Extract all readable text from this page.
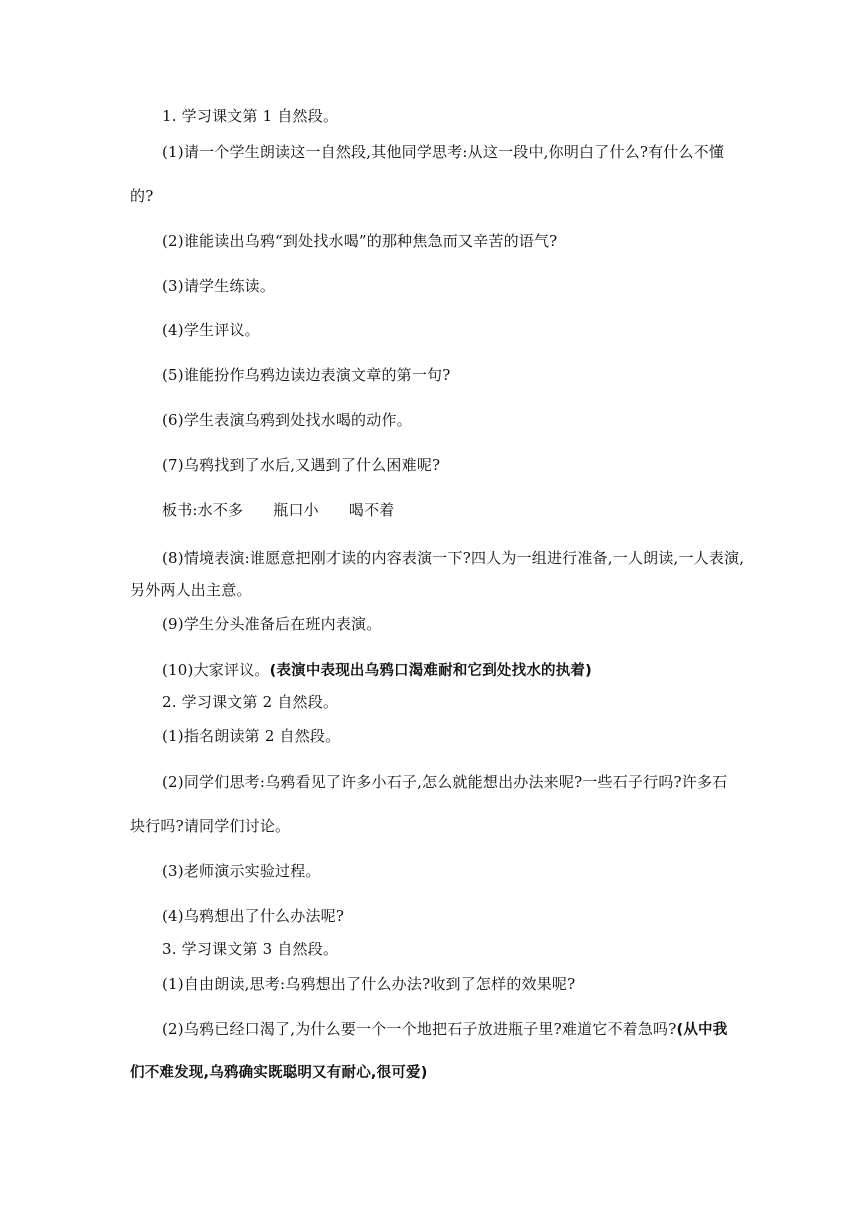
1. 学习课文第 1 自然段。
(1)请一个学生朗读这一自然段,其他同学思考:从这一段中,你明白了什么?有什么不懂
的?
(2)谁能读出乌鸦“到处找水喝”的那种焦急而又辛苦的语气?
(3)请学生练读。
(4)学生评议。
(5)谁能扮作乌鸦边读边表演文章的第一句?
(6)学生表演乌鸦到处找水喝的动作。
(7)乌鸦找到了水后,又遇到了什么困难呢?
板书:水不多 瓶口小 喝不着
(8)情境表演:谁愿意把刚才读的内容表演一下?四人为一组进行准备,一人朗读,一人表演,
另外两人出主意。
(9)学生分头准备后在班内表演。
(10)大家评议。(表演中表现出乌鸦口渴难耐和它到处找水的执着)
2. 学习课文第 2 自然段。
(1)指名朗读第 2 自然段。
(2)同学们思考:乌鸦看见了许多小石子,怎么就能想出办法来呢?一些石子行吗?许多石
块行吗?请同学们讨论。
(3)老师演示实验过程。
(4)乌鸦想出了什么办法呢?
3. 学习课文第 3 自然段。
(1)自由朗读,思考:乌鸦想出了什么办法?收到了怎样的效果呢?
(2)乌鸦已经口渴了,为什么要一个一个地把石子放进瓶子里?难道它不着急吗?(从中我
们不难发现,乌鸦确实既聪明又有耐心,很可爱)
